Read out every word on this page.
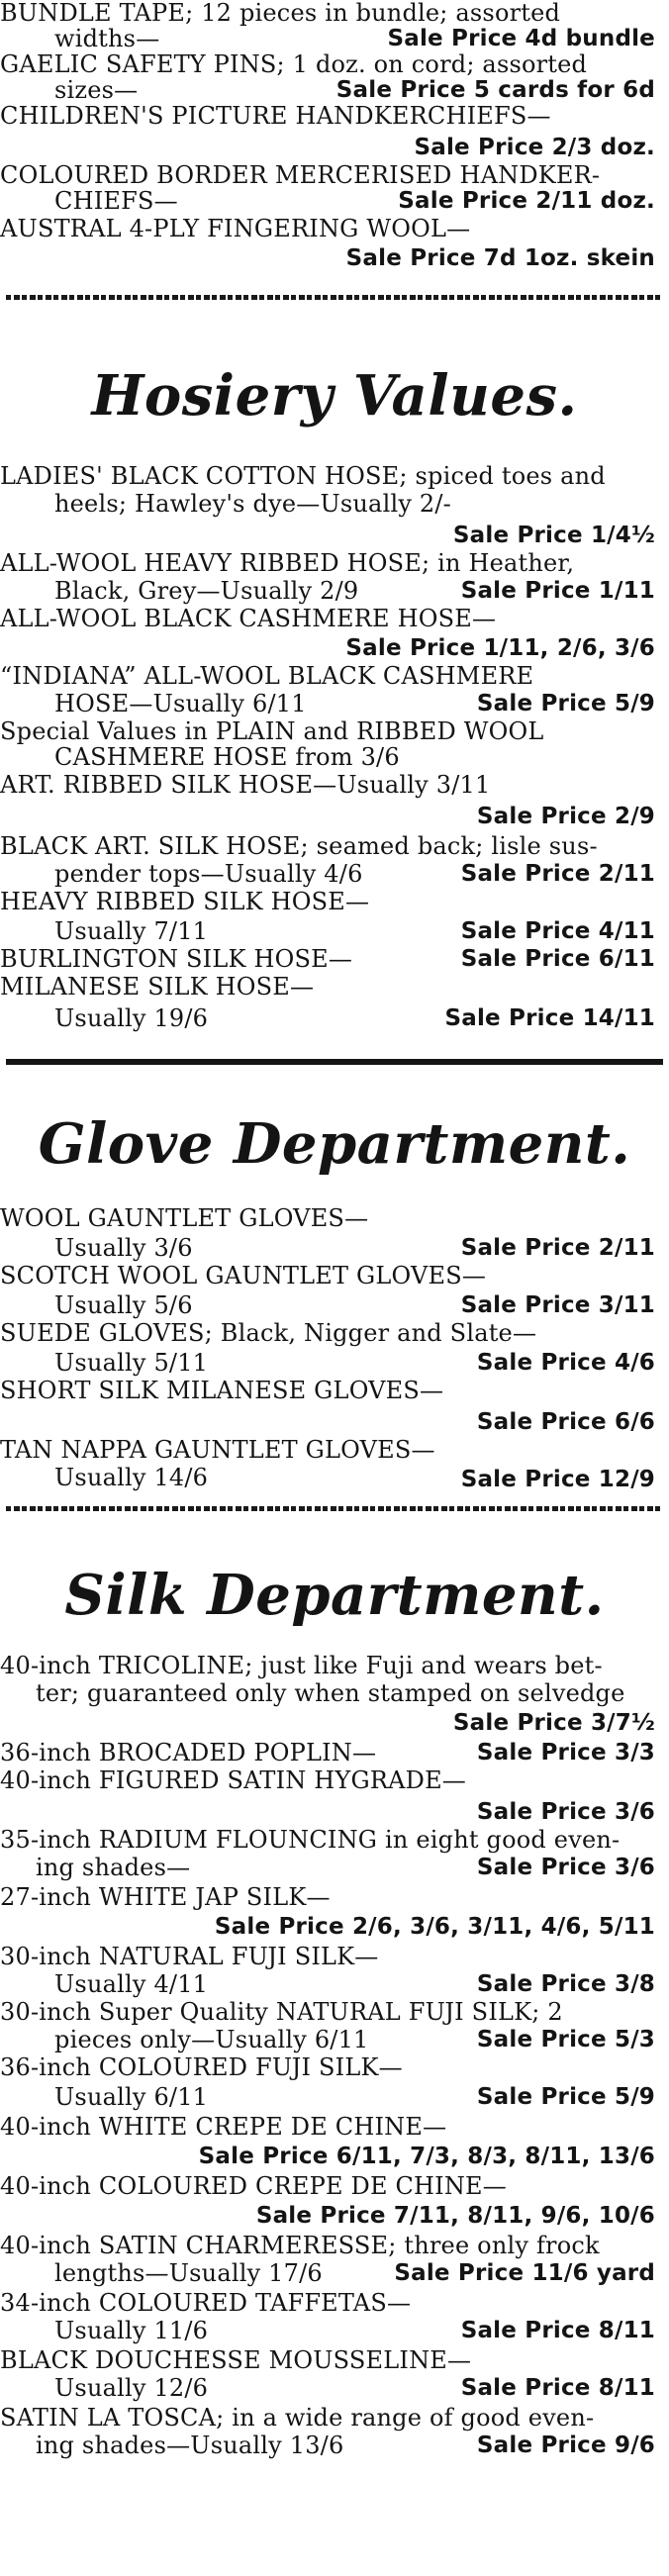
BUNDLE TAPE; 12 pieces in bundle; assorted
widths—	Sale Price 4d bundle
GAELIC SAFETY PINS; 1 doz. on cord; assorted
sizes—	Sale Price 5 cards for 6d
CHILDREN'S PICTURE HANDKERCHIEFS—
Sale Price 2/3 doz.
COLOURED BORDER MERCERISED HANDKER-
CHIEFS—	Sale Price 2/11 doz.
AUSTRAL 4-PLY FINGERING WOOL—
Sale Price 7d 1oz. skein
Hosiery Values.
LADIES' BLACK COTTON HOSE; spiced toes and
heels; Hawley's dye—Usually 2/-
Sale Price 1/4½
ALL-WOOL HEAVY RIBBED HOSE; in Heather,
Black, Grey—Usually 2/9	Sale Price 1/11
ALL-WOOL BLACK CASHMERE HOSE—
Sale Price 1/11, 2/6, 3/6
“INDIANA” ALL-WOOL BLACK CASHMERE
HOSE—Usually 6/11	Sale Price 5/9
Special Values in PLAIN and RIBBED WOOL
CASHMERE HOSE from 3/6
ART. RIBBED SILK HOSE—Usually 3/11
Sale Price 2/9
BLACK ART. SILK HOSE; seamed back; lisle sus-
pender tops—Usually 4/6	Sale Price 2/11
HEAVY RIBBED SILK HOSE—
Usually 7/11	Sale Price 4/11
BURLINGTON SILK HOSE—	Sale Price 6/11
MILANESE SILK HOSE—
Usually 19/6	Sale Price 14/11
Glove Department.
WOOL GAUNTLET GLOVES—
Usually 3/6	Sale Price 2/11
SCOTCH WOOL GAUNTLET GLOVES—
Usually 5/6	Sale Price 3/11
SUEDE GLOVES; Black, Nigger and Slate—
Usually 5/11	Sale Price 4/6
SHORT SILK MILANESE GLOVES—
Sale Price 6/6
TAN NAPPA GAUNTLET GLOVES—
Usually 14/6	Sale Price 12/9
Silk Department.
40-inch TRICOLINE; just like Fuji and wears bet-
ter; guaranteed only when stamped on selvedge
Sale Price 3/7½
36-inch BROCADED POPLIN—	Sale Price 3/3
40-inch FIGURED SATIN HYGRADE—
Sale Price 3/6
35-inch RADIUM FLOUNCING in eight good even-
ing shades—	Sale Price 3/6
27-inch WHITE JAP SILK—
Sale Price 2/6, 3/6, 3/11, 4/6, 5/11
30-inch NATURAL FUJI SILK—
Usually 4/11	Sale Price 3/8
30-inch Super Quality NATURAL FUJI SILK; 2
pieces only—Usually 6/11	Sale Price 5/3
36-inch COLOURED FUJI SILK—
Usually 6/11	Sale Price 5/9
40-inch WHITE CREPE DE CHINE—
Sale Price 6/11, 7/3, 8/3, 8/11, 13/6
40-inch COLOURED CREPE DE CHINE—
Sale Price 7/11, 8/11, 9/6, 10/6
40-inch SATIN CHARMERESSE; three only frock
lengths—Usually 17/6	Sale Price 11/6 yard
34-inch COLOURED TAFFETAS—
Usually 11/6	Sale Price 8/11
BLACK DOUCHESSE MOUSSELINE—
Usually 12/6	Sale Price 8/11
SATIN LA TOSCA; in a wide range of good even-
ing shades—Usually 13/6	Sale Price 9/6
